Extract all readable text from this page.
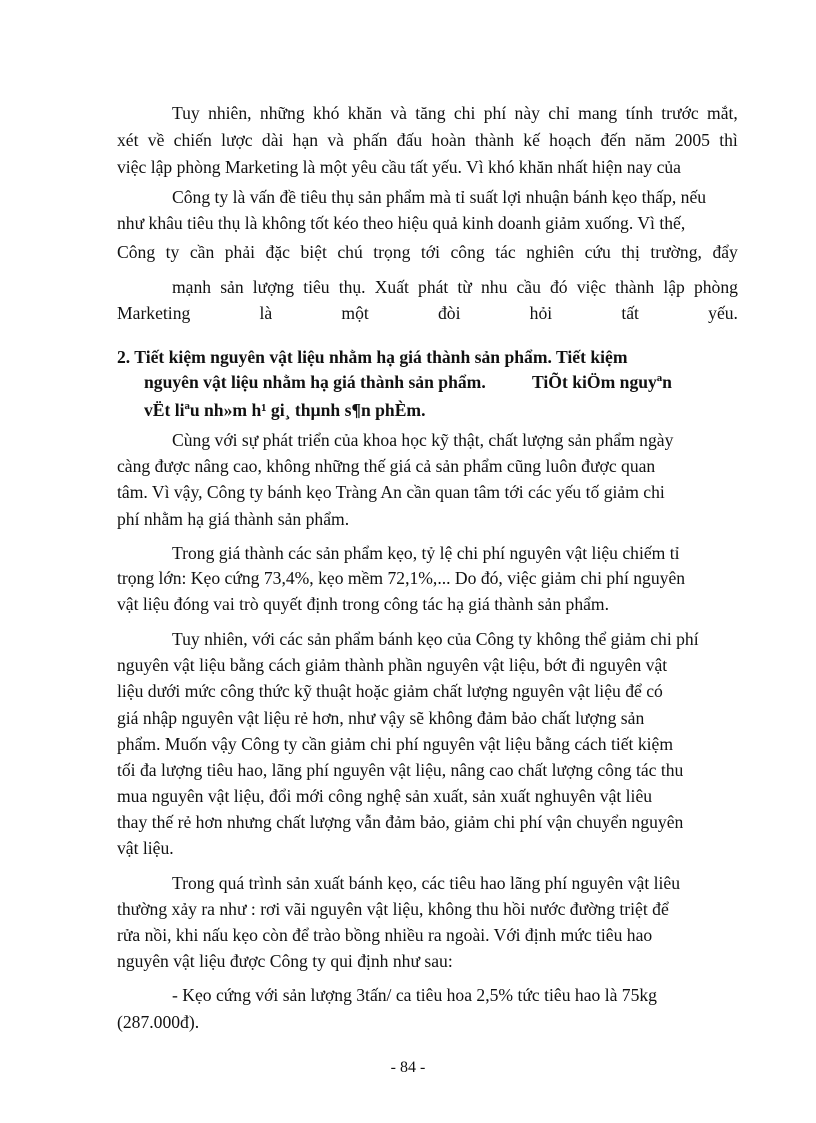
Tuy nhiên, những khó khăn và tăng chi phí này chỉ mang tính trước mắt,
xét về chiến lược dài hạn và phấn đấu hoàn thành kế hoạch đến năm 2005 thì
việc lập phòng Marketing là một yêu cầu tất yếu. Vì khó khăn nhất hiện nay của
Công ty là vấn đề tiêu thụ sản phẩm mà tỉ suất lợi nhuận bánh kẹo thấp, nếu
như khâu tiêu thụ là không tốt kéo theo hiệu quả kinh doanh giảm xuống. Vì thế,
Công ty cần phải đặc biệt chú trọng tới công tác nghiên cứu thị trường, đẩy
mạnh sản lượng tiêu thụ. Xuất phát từ nhu cầu đó việc thành lập phòng
Marketing	là	một	đòi	hỏi	tất	yếu.
2. Tiết kiệm nguyên vật liệu nhằm hạ giá thành sản phẩm. Tiết kiệm
nguyên vật liệu nhằm hạ giá thành sản phẩm.	TiÕt kiÖm nguyªn
vËt liªu nh»m h¹ gi¸ thµnh s¶n phÈm.
Cùng với sự phát triển của khoa học kỹ thật, chất lượng sản phẩm ngày
càng được nâng cao, không những thế giá cả sản phẩm cũng luôn được quan
tâm. Vì vậy, Công ty bánh kẹo Tràng An cần quan tâm tới các yếu tố giảm chi
phí nhằm hạ giá thành sản phẩm.
Trong giá thành các sản phẩm kẹo, tỷ lệ chi phí nguyên vật liệu chiếm tỉ
trọng lớn: Kẹo cứng 73,4%, kẹo mềm 72,1%,... Do đó, việc giảm chi phí nguyên
vật liệu đóng vai trò quyết định trong công tác hạ giá thành sản phẩm.
Tuy nhiên, với các sản phẩm bánh kẹo của Công ty không thể giảm chi phí
nguyên vật liệu bằng cách giảm thành phần nguyên vật liệu, bớt đi nguyên vật
liệu dưới mức công thức kỹ thuật hoặc giảm chất lượng nguyên vật liệu để có
giá nhập nguyên vật liệu rẻ hơn, như vậy sẽ không đảm bảo chất lượng sản
phẩm. Muốn vậy Công ty cần giảm chi phí nguyên vật liệu bằng cách tiết kiệm
tối đa lượng tiêu hao, lãng phí nguyên vật liệu, nâng cao chất lượng công tác thu
mua nguyên vật liệu, đổi mới công nghệ sản xuất, sản xuất nghuyên vật liêu
thay thế rẻ hơn nhưng chất lượng vẫn đảm bảo, giảm chi phí vận chuyển nguyên
vật liệu.
Trong quá trình sản xuất bánh kẹo, các tiêu hao lãng phí nguyên vật liêu
thường xảy ra như : rơi vãi nguyên vật liệu, không thu hồi nước đường triệt để
rửa nồi, khi nấu kẹo còn để trào bồng nhiều ra ngoài. Với định mức tiêu hao
nguyên vật liệu được Công ty qui định như sau:
- Kẹo cứng với sản lượng 3tấn/ ca tiêu hoa 2,5% tức tiêu hao là 75kg
(287.000đ).
- 84 -
